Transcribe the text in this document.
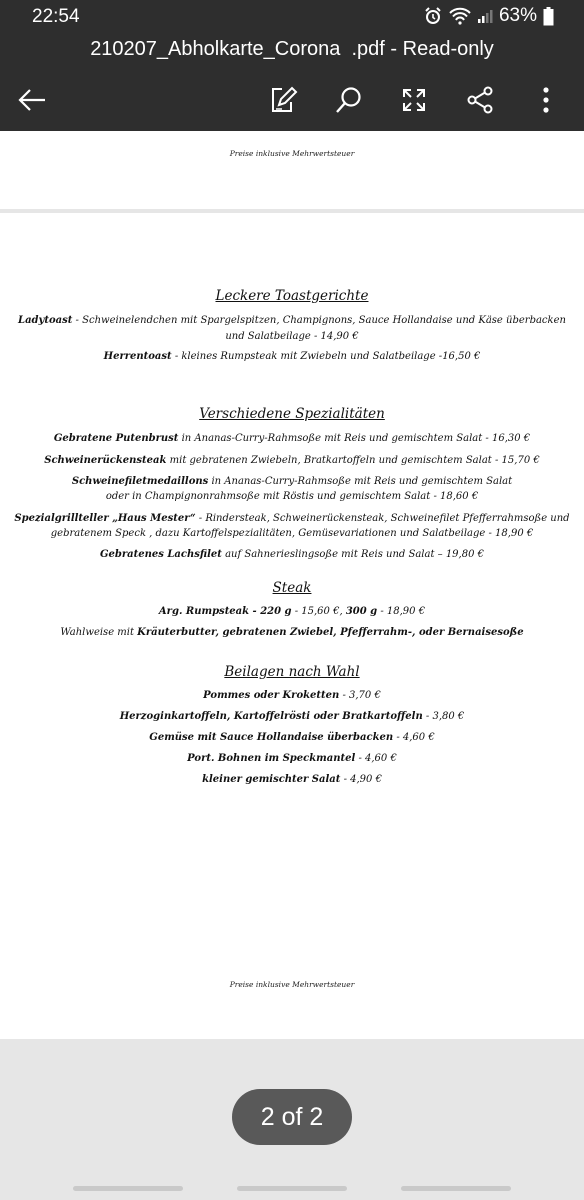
22:54	63%
210207_Abholkarte_Corona  .pdf - Read-only
Preise inklusive Mehrwertsteuer
Leckere Toastgerichte
Ladytoast - Schweinelendchen mit Spargelspitzen, Champignons, Sauce Hollandaise und Käse überbacken
und Salatbeilage - 14,90 €
Herrentoast - kleines Rumpsteak mit Zwiebeln und Salatbeilage -16,50 €
Verschiedene Spezialitäten
Gebratene Putenbrust in Ananas-Curry-Rahmsoße mit Reis und gemischtem Salat - 16,30 €
Schweinerückensteak mit gebratenen Zwiebeln, Bratkartoffeln und gemischtem Salat - 15,70 €
Schweinefiletmedaillons in Ananas-Curry-Rahmsoße mit Reis und gemischtem Salat
oder in Champignonrahmsoße mit Röstis und gemischtem Salat - 18,60 €
Spezialgrillteller „Haus Mester“ - Rindersteak, Schweinerückensteak, Schweinefilet Pfefferrahmsoße und
gebratenem Speck , dazu Kartoffelspezialitäten, Gemüsevariationen und Salatbeilage - 18,90 €
Gebratenes Lachsfilet auf Sahnerieslingsoße mit Reis und Salat – 19,80 €
Steak
Arg. Rumpsteak - 220 g - 15,60 €, 300 g - 18,90 €
Wahlweise mit Kräuterbutter, gebratenen Zwiebel, Pfefferrahm-, oder Bernaisesoße
Beilagen nach Wahl
Pommes oder Kroketten - 3,70 €
Herzoginkartoffeln, Kartoffelrösti oder Bratkartoffeln - 3,80 €
Gemüse mit Sauce Hollandaise überbacken - 4,60 €
Port. Bohnen im Speckmantel - 4,60 €
kleiner gemischter Salat - 4,90 €
Preise inklusive Mehrwertsteuer
2 of 2
